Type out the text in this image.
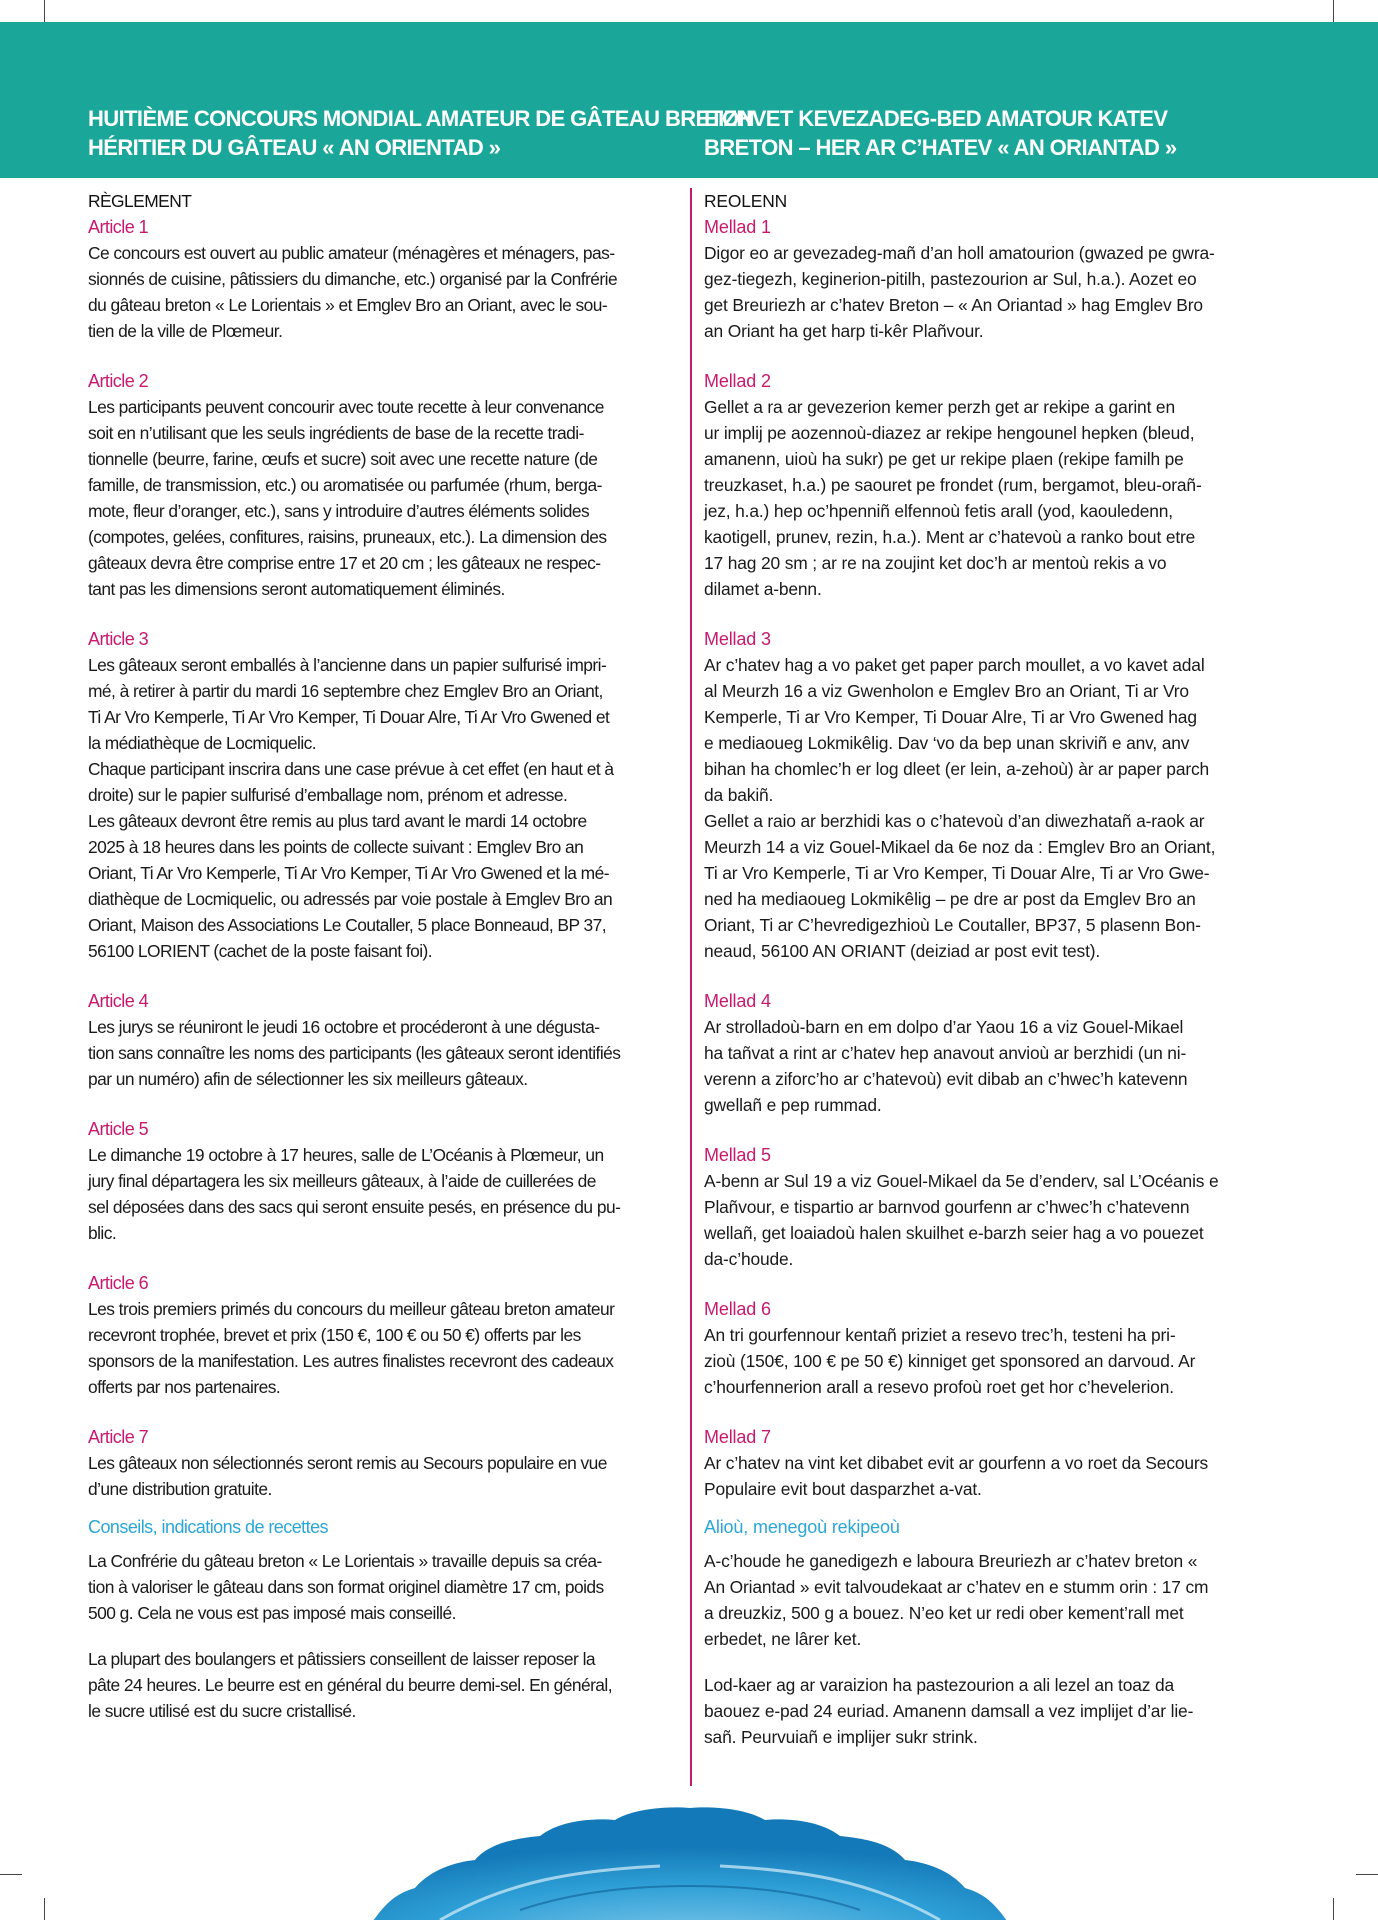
HUITIÈME CONCOURS MONDIAL AMATEUR DE GÂTEAU BRETON
HÉRITIER DU GÂTEAU « AN ORIENTAD »
EIZHVET KEVEZADEG-BED AMATOUR KATEV
BRETON – HER AR C’HATEV « AN ORIANTAD »
RÈGLEMENT
Article 1
Ce concours est ouvert au public amateur (ménagères et ménagers, pas-
sionnés de cuisine, pâtissiers du dimanche, etc.) organisé par la Confrérie
du gâteau breton « Le Lorientais » et Emglev Bro an Oriant, avec le sou-
tien de la ville de Plœmeur.
Article 2
Les participants peuvent concourir avec toute recette à leur convenance
soit en n’utilisant que les seuls ingrédients de base de la recette tradi-
tionnelle (beurre, farine, œufs et sucre) soit avec une recette nature (de
famille, de transmission, etc.) ou aromatisée ou parfumée (rhum, berga-
mote, fleur d’oranger, etc.), sans y introduire d’autres éléments solides
(compotes, gelées, confitures, raisins, pruneaux, etc.). La dimension des
gâteaux devra être comprise entre 17 et 20 cm ; les gâteaux ne respec-
tant pas les dimensions seront automatiquement éliminés.
Article 3
Les gâteaux seront emballés à l’ancienne dans un papier sulfurisé impri-
mé, à retirer à partir du mardi 16 septembre chez Emglev Bro an Oriant,
Ti Ar Vro Kemperle, Ti Ar Vro Kemper, Ti Douar Alre, Ti Ar Vro Gwened et
la médiathèque de Locmiquelic.
Chaque participant inscrira dans une case prévue à cet effet (en haut et à
droite) sur le papier sulfurisé d’emballage nom, prénom et adresse.
Les gâteaux devront être remis au plus tard avant le mardi 14 octobre
2025 à 18 heures dans les points de collecte suivant : Emglev Bro an
Oriant, Ti Ar Vro Kemperle, Ti Ar Vro Kemper, Ti Ar Vro Gwened et la mé-
diathèque de Locmiquelic, ou adressés par voie postale à Emglev Bro an
Oriant, Maison des Associations Le Coutaller, 5 place Bonneaud, BP 37,
56100 LORIENT (cachet de la poste faisant foi).
Article 4
Les jurys se réuniront le jeudi 16 octobre et procéderont à une dégusta-
tion sans connaître les noms des participants (les gâteaux seront identifiés
par un numéro) afin de sélectionner les six meilleurs gâteaux.
Article 5
Le dimanche 19 octobre à 17 heures, salle de L’Océanis à Plœmeur, un
jury final départagera les six meilleurs gâteaux, à l’aide de cuillerées de
sel déposées dans des sacs qui seront ensuite pesés, en présence du pu-
blic.
Article 6
Les trois premiers primés du concours du meilleur gâteau breton amateur
recevront trophée, brevet et prix (150 €, 100 € ou 50 €) offerts par les
sponsors de la manifestation. Les autres finalistes recevront des cadeaux
offerts par nos partenaires.
Article 7
Les gâteaux non sélectionnés seront remis au Secours populaire en vue
d’une distribution gratuite.
Conseils, indications de recettes
La Confrérie du gâteau breton « Le Lorientais » travaille depuis sa créa-
tion à valoriser le gâteau dans son format originel diamètre 17 cm, poids
500 g. Cela ne vous est pas imposé mais conseillé.
La plupart des boulangers et pâtissiers conseillent de laisser reposer la
pâte 24 heures. Le beurre est en général du beurre demi-sel. En général,
le sucre utilisé est du sucre cristallisé.
REOLENN
Mellad 1
Digor eo ar gevezadeg-mañ d’an holl amatourion (gwazed pe gwra-
gez-tiegezh, keginerion-pitilh, pastezourion ar Sul, h.a.). Aozet eo
get Breuriezh ar c’hatev Breton – « An Oriantad » hag Emglev Bro
an Oriant ha get harp ti-kêr Plañvour.
Mellad 2
Gellet a ra ar gevezerion kemer perzh get ar rekipe a garint en
ur implij pe aozennoù-diazez ar rekipe hengounel hepken (bleud,
amanenn, uioù ha sukr) pe get ur rekipe plaen (rekipe familh pe
treuzkaset, h.a.) pe saouret pe frondet (rum, bergamot, bleu-orañ-
jez, h.a.) hep oc’hpenniñ elfennoù fetis arall (yod, kaouledenn,
kaotigell, prunev, rezin, h.a.). Ment ar c’hatevoù a ranko bout etre
17 hag 20 sm ; ar re na zoujint ket doc’h ar mentoù rekis a vo
dilamet a-benn.
Mellad 3
Ar c’hatev hag a vo paket get paper parch moullet, a vo kavet adal
al Meurzh 16 a viz Gwenholon e Emglev Bro an Oriant, Ti ar Vro
Kemperle, Ti ar Vro Kemper, Ti Douar Alre, Ti ar Vro Gwened hag
e mediaoueg Lokmikêlig. Dav ‘vo da bep unan skriviñ e anv, anv
bihan ha chomlec’h er log dleet (er lein, a-zehoù) àr ar paper parch
da bakiñ.
Gellet a raio ar berzhidi kas o c’hatevoù d’an diwezhatañ a-raok ar
Meurzh 14 a viz Gouel-Mikael da 6e noz da : Emglev Bro an Oriant,
Ti ar Vro Kemperle, Ti ar Vro Kemper, Ti Douar Alre, Ti ar Vro Gwe-
ned ha mediaoueg Lokmikêlig – pe dre ar post da Emglev Bro an
Oriant, Ti ar C’hevredigezhioù Le Coutaller, BP37, 5 plasenn Bon-
neaud, 56100 AN ORIANT (deiziad ar post evit test).
Mellad 4
Ar strolladoù-barn en em dolpo d’ar Yaou 16 a viz Gouel-Mikael
ha tañvat a rint ar c’hatev hep anavout anvioù ar berzhidi (un ni-
verenn a ziforc’ho ar c’hatevoù) evit dibab an c’hwec’h katevenn
gwellañ e pep rummad.
Mellad 5
A-benn ar Sul 19 a viz Gouel-Mikael da 5e d’enderv, sal L’Océanis e
Plañvour, e tispartio ar barnvod gourfenn ar c’hwec’h c’hatevenn
wellañ, get loaiadoù halen skuilhet e-barzh seier hag a vo pouezet
da-c’houde.
Mellad 6
An tri gourfennour kentañ priziet a resevo trec’h, testeni ha pri-
zioù (150€, 100 € pe 50 €) kinniget get sponsored an darvoud. Ar
c’hourfennerion arall a resevo profoù roet get hor c’hevelerion.
Mellad 7
Ar c’hatev na vint ket dibabet evit ar gourfenn a vo roet da Secours
Populaire evit bout dasparzhet a-vat.
Alioù, menegoù rekipeoù
A-c’houde he ganedigezh e laboura Breuriezh ar c’hatev breton «
An Oriantad » evit talvoudekaat ar c’hatev en e stumm orin : 17 cm
a dreuzkiz, 500 g a bouez. N’eo ket ur redi ober kement’rall met
erbedet, ne lârer ket.
Lod-kaer ag ar varaizion ha pastezourion a ali lezel an toaz da
baouez e-pad 24 euriad. Amanenn damsall a vez implijet d’ar lie-
sañ. Peurvuiañ e implijer sukr strink.
